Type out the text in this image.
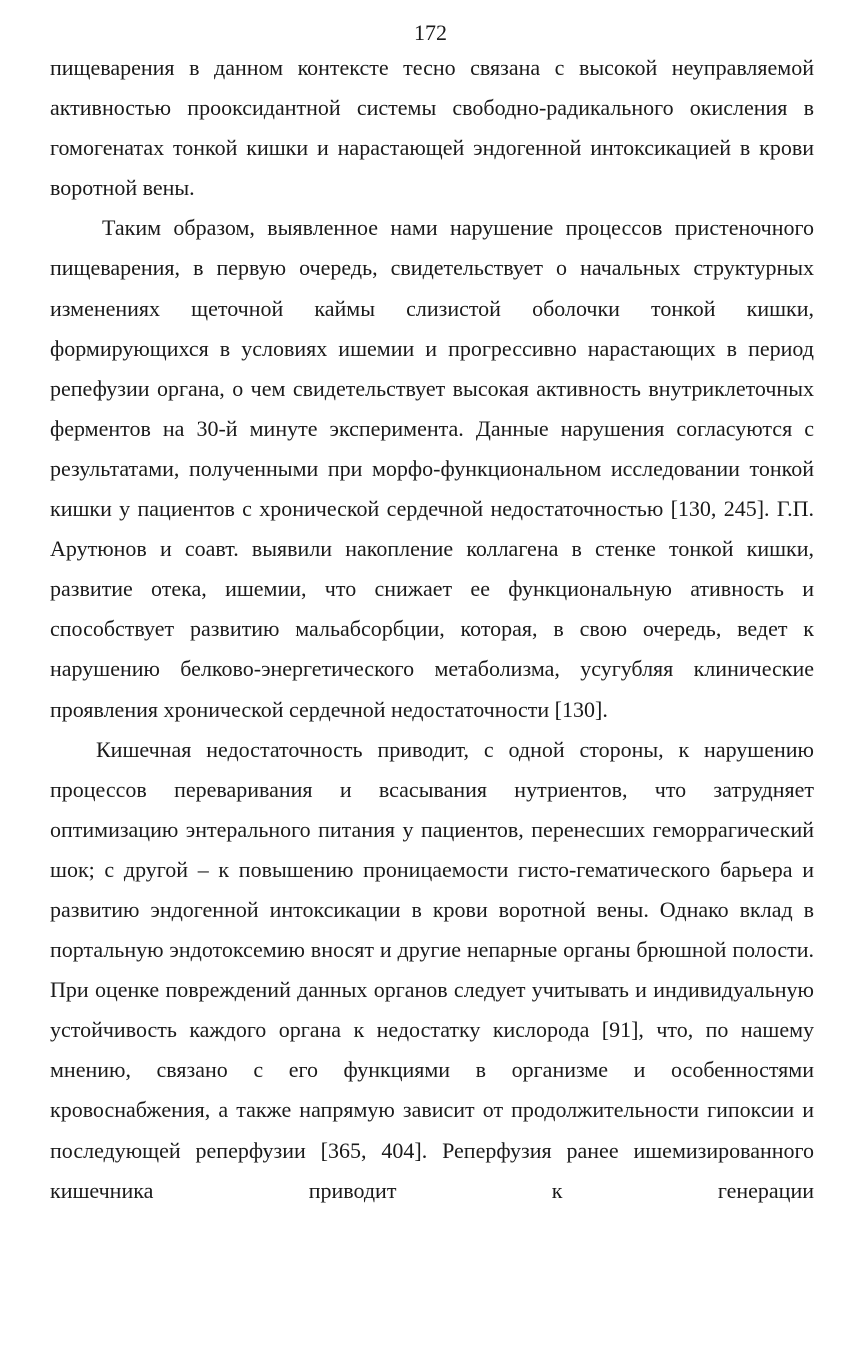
172

пищеварения в данном контексте тесно связана с высокой неуправляемой активностью прооксидантной системы свободно-радикального окисления в гомогенатах тонкой кишки и нарастающей эндогенной интоксикацией в крови воротной вены.

Таким образом, выявленное нами нарушение процессов пристеночного пищеварения, в первую очередь, свидетельствует о начальных структурных изменениях щеточной каймы слизистой оболочки тонкой кишки, формирующихся в условиях ишемии и прогрессивно нарастающих в период репефузии органа, о чем свидетельствует высокая активность внутриклеточных ферментов на 30-й минуте эксперимента. Данные нарушения согласуются с результатами, полученными при морфо-функциональном исследовании тонкой кишки у пациентов с хронической сердечной недостаточностью [130, 245]. Г.П. Арутюнов и соавт. выявили накопление коллагена в стенке тонкой кишки, развитие отека, ишемии, что снижает ее функциональную ативность и способствует развитию мальабсорбции, которая, в свою очередь, ведет к нарушению белково-энергетического метаболизма, усугубляя клинические проявления хронической сердечной недостаточности [130].

Кишечная недостаточность приводит, с одной стороны, к нарушению процессов переваривания и всасывания нутриентов, что затрудняет оптимизацию энтерального питания у пациентов, перенесших геморрагический шок; с другой – к повышению проницаемости гисто-гематического барьера и развитию эндогенной интоксикации в крови воротной вены. Однако вклад в портальную эндотоксемию вносят и другие непарные органы брюшной полости. При оценке повреждений данных органов следует учитывать и индивидуальную устойчивость каждого органа к недостатку кислорода [91], что, по нашему мнению, связано с его функциями в организме и особенностями кровоснабжения, а также напрямую зависит от продолжительности гипоксии и последующей реперфузии [365, 404]. Реперфузия ранее ишемизированного кишечника приводит к генерации
